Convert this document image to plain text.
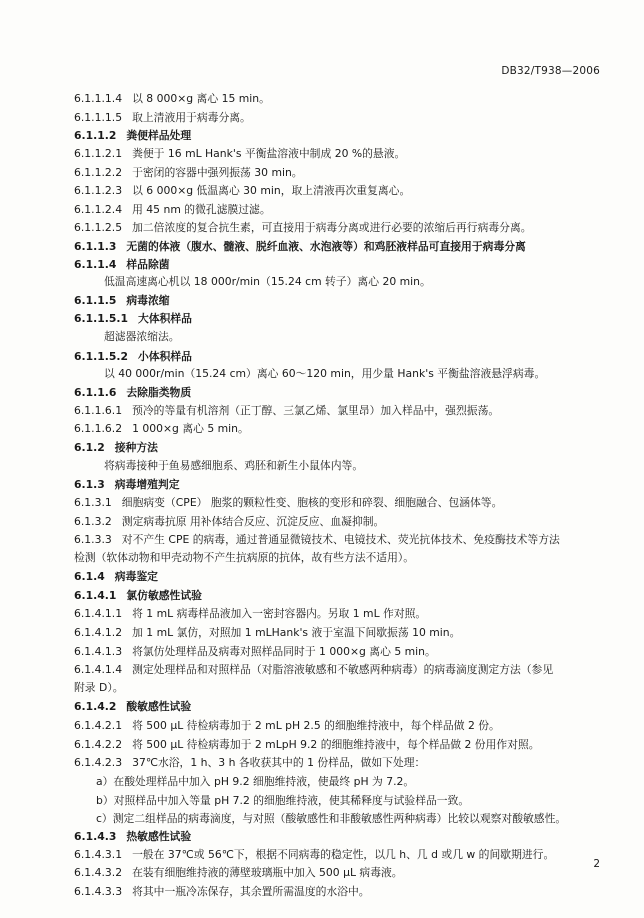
DB32/T938—2006
6.1.1.1.4 以 8 000×g 离心 15 min。
6.1.1.1.5 取上清液用于病毒分离。
6.1.1.2 粪便样品处理
6.1.1.2.1 粪便于 16 mL Hank's 平衡盐溶液中制成 20 %的悬液。
6.1.1.2.2 于密闭的容器中强列振荡 30 min。
6.1.1.2.3 以 6 000×g 低温离心 30 min，取上清液再次重复离心。
6.1.1.2.4 用 45 nm 的微孔滤膜过滤。
6.1.1.2.5 加二倍浓度的复合抗生素，可直接用于病毒分离或进行必要的浓缩后再行病毒分离。
6.1.1.3 无菌的体液（腹水、髓液、脱纤血液、水泡液等）和鸡胚液样品可直接用于病毒分离
6.1.1.4 样品除菌
低温高速离心机以 18 000r/min（15.24 cm 转子）离心 20 min。
6.1.1.5 病毒浓缩
6.1.1.5.1 大体积样品
超滤器浓缩法。
6.1.1.5.2 小体积样品
以 40 000r/min（15.24 cm）离心 60～120 min，用少量 Hank's 平衡盐溶液悬浮病毒。
6.1.1.6 去除脂类物质
6.1.1.6.1 预冷的等量有机溶剂（正丁醇、三氯乙烯、氯里昂）加入样品中，强烈振荡。
6.1.1.6.2 1 000×g 离心 5 min。
6.1.2 接种方法
将病毒接种于鱼易感细胞系、鸡胚和新生小鼠体内等。
6.1.3 病毒增殖判定
6.1.3.1 细胞病变（CPE） 胞浆的颗粒性变、胞核的变形和碎裂、细胞融合、包涵体等。
6.1.3.2 测定病毒抗原 用补体结合反应、沉淀反应、血凝抑制。
6.1.3.3 对不产生 CPE 的病毒，通过普通显微镜技术、电镜技术、荧光抗体技术、免疫酶技术等方法
检测（软体动物和甲壳动物不产生抗病原的抗体，故有些方法不适用）。
6.1.4 病毒鉴定
6.1.4.1 氯仿敏感性试验
6.1.4.1.1 将 1 mL 病毒样品液加入一密封容器内。另取 1 mL 作对照。
6.1.4.1.2 加 1 mL 氯仿，对照加 1 mLHank's 液于室温下间歇振荡 10 min。
6.1.4.1.3 将氯仿处理样品及病毒对照样品同时于 1 000×g 离心 5 min。
6.1.4.1.4 测定处理样品和对照样品（对脂溶液敏感和不敏感两种病毒）的病毒滴度测定方法（参见
附录 D）。
6.1.4.2 酸敏感性试验
6.1.4.2.1 将 500 μL 待检病毒加于 2 mL pH 2.5 的细胞维持液中，每个样品做 2 份。
6.1.4.2.2 将 500 μL 待检病毒加于 2 mLpH 9.2 的细胞维持液中，每个样品做 2 份用作对照。
6.1.4.2.3 37℃水浴，1 h、3 h 各收获其中的 1 份样品，做如下处理：
a）在酸处理样品中加入 pH 9.2 细胞维持液，使最终 pH 为 7.2。
b）对照样品中加入等量 pH 7.2 的细胞维持液，使其稀释度与试验样品一致。
c）测定二组样品的病毒滴度，与对照（酸敏感性和非酸敏感性两种病毒）比较以观察对酸敏感性。
6.1.4.3 热敏感性试验
6.1.4.3.1 一般在 37℃或 56℃下，根据不同病毒的稳定性，以几 h、几 d 或几 w 的间歇期进行。
6.1.4.3.2 在装有细胞维持液的薄壁玻璃瓶中加入 500 μL 病毒液。
6.1.4.3.3 将其中一瓶冷冻保存，其余置所需温度的水浴中。
2
